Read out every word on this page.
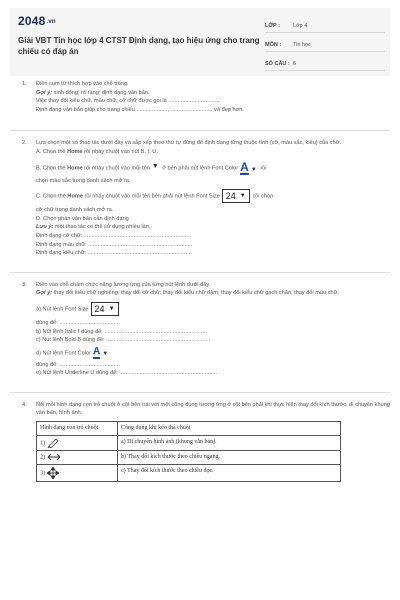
2048.vn
Giải VBT Tin học lớp 4 CTST Định dạng, tạo hiệu ứng cho trang chiếu có đáp án
LỚP :	Lớp 4
MÔN :	Tin học
SỐ CÂU : 6
1. Điền cụm từ thích hợp vào chỗ trống.
Gợi ý: sinh động; rõ ràng; định dạng văn bản.
Việc thay đổi kiểu chữ, màu chữ, cỡ chữ được gọi là .................................
Định dạng văn bản giúp cho trang chiếu ...................., ........................... và đẹp hơn.
2. Lựa chọn một số thao tác dưới đây và sắp xếp theo thứ tự đúng để định dạng từng thuộc tính (cỡ, màu sắc, kiểu) của chữ.
A. Chọn thẻ Home rồi nháy chuột vào nút B, I, U.
B. Chọn thẻ Home rồi nháy chuột vào mũi tên ▼ ở bên phải nút lệnh Font Color A ▼ rồi
chọn màu sắc trong danh sách mở ra.
C. Chọn thẻ Home rồi nháy chuột vào mũi tên bên phải nút lệnh Font Size 24 ▼ rồi chọn
cỡ chữ trong danh sách mở ra.
D. Chọn phần văn bản cần định dạng
Lưu ý: một thao tác có thể sử dụng nhiều lần.
Định dạng cỡ chữ: .....................................................................
Định dạng màu chữ: ...................................................................
Định dạng kiểu chữ: ..................................................................
3. Điền vào chỗ chấm chức năng tương ứng của từng nút lệnh dưới đây.
Gợi ý: thay đổi kiểu chữ nghiêng; thay đổi cỡ chữ; thay đổi kiểu chữ đậm; thay đổi kiểu chữ gạch chân; thay đổi màu chữ.
a) Nút lệnh Font Size 24 ▼
dùng để: .......................................
b) Nút lệnh Italic I dùng để: ..................................................................
c) Nút lệnh Bold B dùng để: ...................................................................
d) Nút lệnh Font Color A ▼
dùng để: .......................................
e) Nút lệnh Underline U dùng để: ...............................................................
4. Nối mỗi hình dạng con trỏ chuột ở cột bên trái với một công dụng tương ứng ở cột bên phải khi thực hiện thay đổi kích thước, di chuyển khung văn bản, hình ảnh.
Hình dạng con trỏ chuột	Công dụng khi kéo thả chuột
1)	a) Di chuyển hình ảnh (khung văn bản).
2)	b) Thay đổi kích thước theo chiều ngang.
3)	c) Thay đổi kích thước theo chiều dọc.
